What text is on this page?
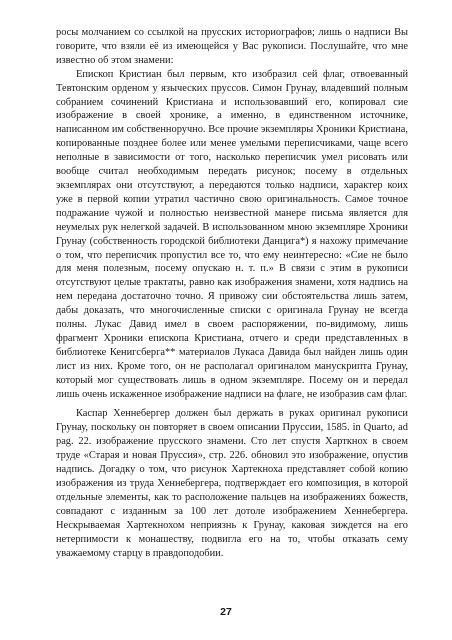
росы молчанием со ссылкой на прусских историографов; лишь о надписи Вы говорите, что взяли её из имеющейся у Вас рукописи. Послушайте, что мне известно об этом знамени:

Епископ Кристиан был первым, кто изобразил сей флаг, отвоеванный Тевтонским орденом у языческих пруссов. Симон Грунау, владевший полным собранием сочинений Кристиана и использовавший его, копировал сие изображение в своей хронике, а именно, в единственном источнике, написанном им собственноручно. Все прочие экземпляры Хроники Кристиана, копированные позднее более или менее умелыми переписчиками, чаще всего неполные в зависимости от того, насколько переписчик умел рисовать или вообще считал необходимым передать рисунок; посему в отдельных экземплярах они отсутствуют, а передаются только надписи, характер коих уже в первой копии утратил частично свою оригинальность. Самое точное подражание чужой и полностью неизвестной манере письма является для неумелых рук нелегкой задачей. В использованном мною экземпляре Хроники Грунау (собственность городской библиотеки Данцига*) я нахожу примечание о том, что переписчик пропустил все то, что ему неинтересно: «Сие не было для меня полезным, посему опускаю н. т. п.» В связи с этим в рукописи отсутствуют целые трактаты, равно как изображения знамени, хотя надпись на нем передана достаточно точно. Я привожу сии обстоятельства лишь затем, дабы доказать, что многочисленные списки с оригинала Грунау не всегда полны. Лукас Давид имел в своем распоряжении, по-видимому, лишь фрагмент Хроники епископа Кристиана, отчего и среди представленных в библиотеке Кенигсберга** материалов Лукаса Давида был найден лишь один лист из них. Кроме того, он не располагал оригиналом манускрипта Грунау, который мог существовать лишь в одном экземпляре. Посему он и передал лишь очень искаженное изображение надписи на флаге, не изобразив сам флаг.

Каспар Хеннебергер должен был держать в руках оригинал рукописи Грунау, поскольку он повторяет в своем описании Пруссии, 1585. in Quarto, ad pag. 22. изображение прусского знамени. Сто лет спустя Харткнох в своем труде «Старая и новая Пруссия», стр. 226. обновил это изображение, опустив надпись. Догадку о том, что рисунок Хартекноха представляет собой копию изображения из труда Хеннебергера, подтверждает его композиция, в которой отдельные элементы, как то расположение пальцев на изображениях божеств, совпадают с изданным за 100 лет дотоле изображением Хеннебергера. Нескрываемая Хартекнохом неприязнь к Грунау, каковая зиждется на его нетерпимости к монашеству, подвигла его на то, чтобы отказать сему уважаемому старцу в правдоподобии.

27
